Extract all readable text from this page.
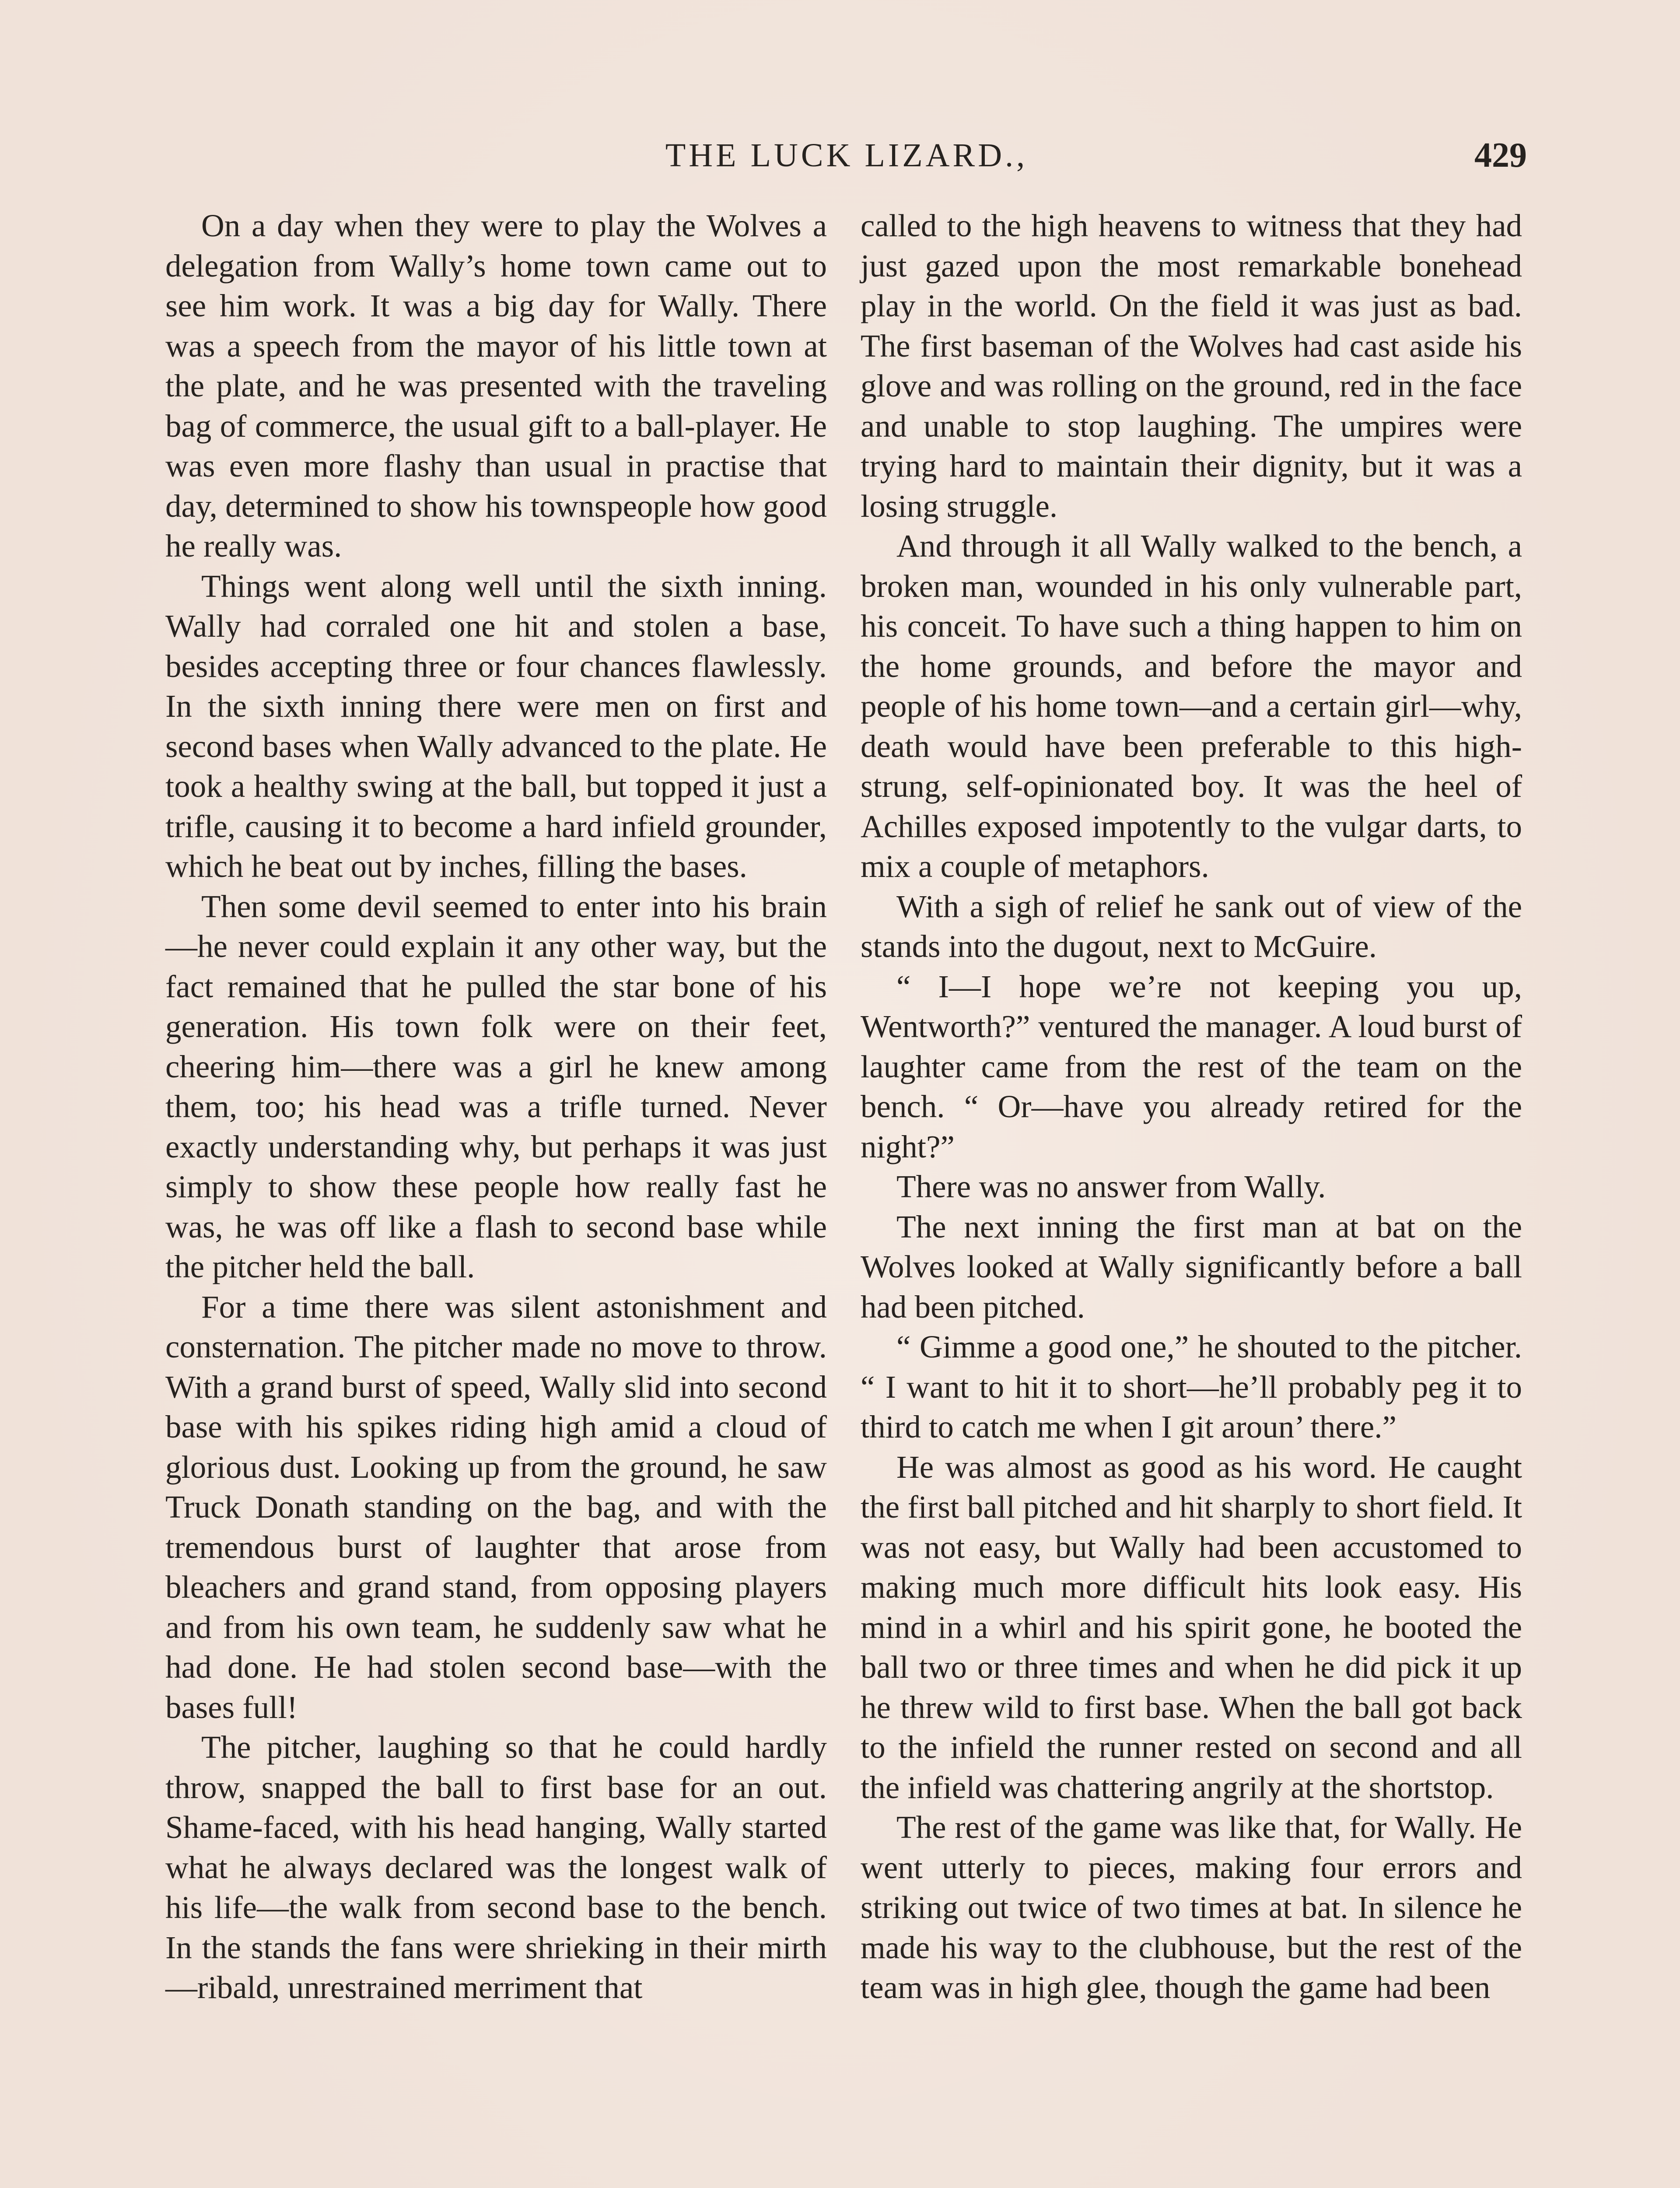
THE LUCK LIZARD.,	429

On a day when they were to play the Wolves a delegation from Wally’s home town came out to see him work. It was a big day for Wally. There was a speech from the mayor of his little town at the plate, and he was presented with the traveling bag of commerce, the usual gift to a ball-player. He was even more flashy than usual in practise that day, determined to show his townspeople how good he really was.

Things went along well until the sixth inning. Wally had corraled one hit and stolen a base, besides accepting three or four chances flawlessly. In the sixth inning there were men on first and second bases when Wally advanced to the plate. He took a healthy swing at the ball, but topped it just a trifle, causing it to become a hard infield grounder, which he beat out by inches, filling the bases.

Then some devil seemed to enter into his brain—he never could explain it any other way, but the fact remained that he pulled the star bone of his generation. His town folk were on their feet, cheering him—there was a girl he knew among them, too; his head was a trifle turned. Never exactly understanding why, but perhaps it was just simply to show these people how really fast he was, he was off like a flash to second base while the pitcher held the ball.

For a time there was silent astonishment and consternation. The pitcher made no move to throw. With a grand burst of speed, Wally slid into second base with his spikes riding high amid a cloud of glorious dust. Looking up from the ground, he saw Truck Donath standing on the bag, and with the tremendous burst of laughter that arose from bleachers and grand stand, from opposing players and from his own team, he suddenly saw what he had done. He had stolen second base—with the bases full!

The pitcher, laughing so that he could hardly throw, snapped the ball to first base for an out. Shame-faced, with his head hanging, Wally started what he always declared was the longest walk of his life—the walk from second base to the bench. In the stands the fans were shrieking in their mirth—ribald, unrestrained merriment that

called to the high heavens to witness that they had just gazed upon the most remarkable bonehead play in the world. On the field it was just as bad. The first baseman of the Wolves had cast aside his glove and was rolling on the ground, red in the face and unable to stop laughing. The umpires were trying hard to maintain their dignity, but it was a losing struggle.

And through it all Wally walked to the bench, a broken man, wounded in his only vulnerable part, his conceit. To have such a thing happen to him on the home grounds, and before the mayor and people of his home town—and a certain girl—why, death would have been preferable to this high-strung, self-opinionated boy. It was the heel of Achilles exposed impotently to the vulgar darts, to mix a couple of metaphors.

With a sigh of relief he sank out of view of the stands into the dugout, next to McGuire.

“ I—I hope we’re not keeping you up, Wentworth?” ventured the manager. A loud burst of laughter came from the rest of the team on the bench. “ Or—have you already retired for the night?”

There was no answer from Wally.

The next inning the first man at bat on the Wolves looked at Wally significantly before a ball had been pitched.

“ Gimme a good one,” he shouted to the pitcher. “ I want to hit it to short—he’ll probably peg it to third to catch me when I git aroun’ there.”

He was almost as good as his word. He caught the first ball pitched and hit sharply to short field. It was not easy, but Wally had been accustomed to making much more difficult hits look easy. His mind in a whirl and his spirit gone, he booted the ball two or three times and when he did pick it up he threw wild to first base. When the ball got back to the infield the runner rested on second and all the infield was chattering angrily at the shortstop.

The rest of the game was like that, for Wally. He went utterly to pieces, making four errors and striking out twice of two times at bat. In silence he made his way to the clubhouse, but the rest of the team was in high glee, though the game had been
